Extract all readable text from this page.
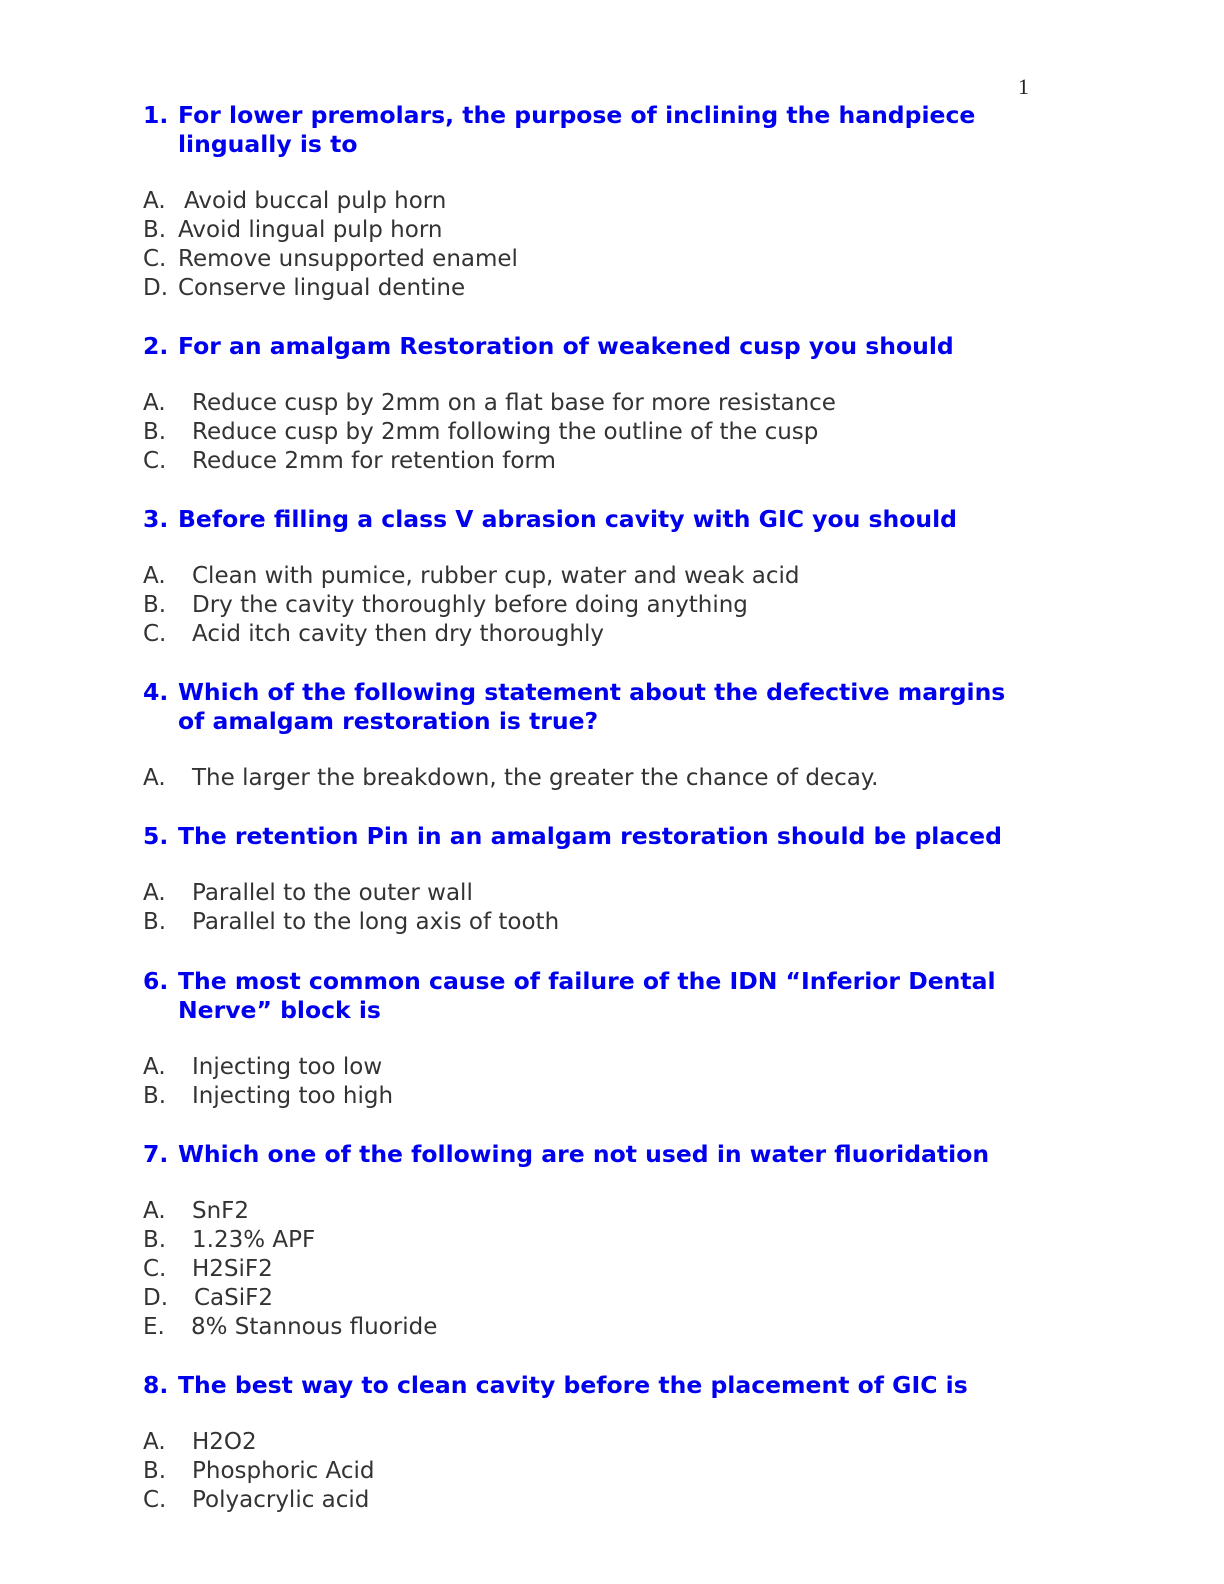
1
1. For lower premolars, the purpose of inclining the handpiece lingually is to
A. Avoid buccal pulp horn
B. Avoid lingual pulp horn
C. Remove unsupported enamel
D. Conserve lingual dentine
2. For an amalgam Restoration of weakened cusp you should
A.	Reduce cusp by 2mm on a flat base for more resistance
B.	Reduce cusp by 2mm following the outline of the cusp
C.	Reduce 2mm for retention form
3. Before filling a class V abrasion cavity with GIC you should
A.	Clean with pumice, rubber cup, water and weak acid
B.	Dry the cavity thoroughly before doing anything
C.	Acid itch cavity then dry thoroughly
4. Which of the following statement about the defective margins of amalgam restoration is true?
A.	The larger the breakdown, the greater the chance of decay.
5. The retention Pin in an amalgam restoration should be placed
A.	Parallel to the outer wall
B.	Parallel to the long axis of tooth
6. The most common cause of failure of the IDN “Inferior Dental Nerve” block is
A.	Injecting too low
B.	Injecting too high
7. Which one of the following are not used in water fluoridation
A.	SnF2
B.	1.23% APF
C.	H2SiF2
D.	CaSiF2
E.	8% Stannous fluoride
8. The best way to clean cavity before the placement of GIC is
A.	H2O2
B.	Phosphoric Acid
C.	Polyacrylic acid
